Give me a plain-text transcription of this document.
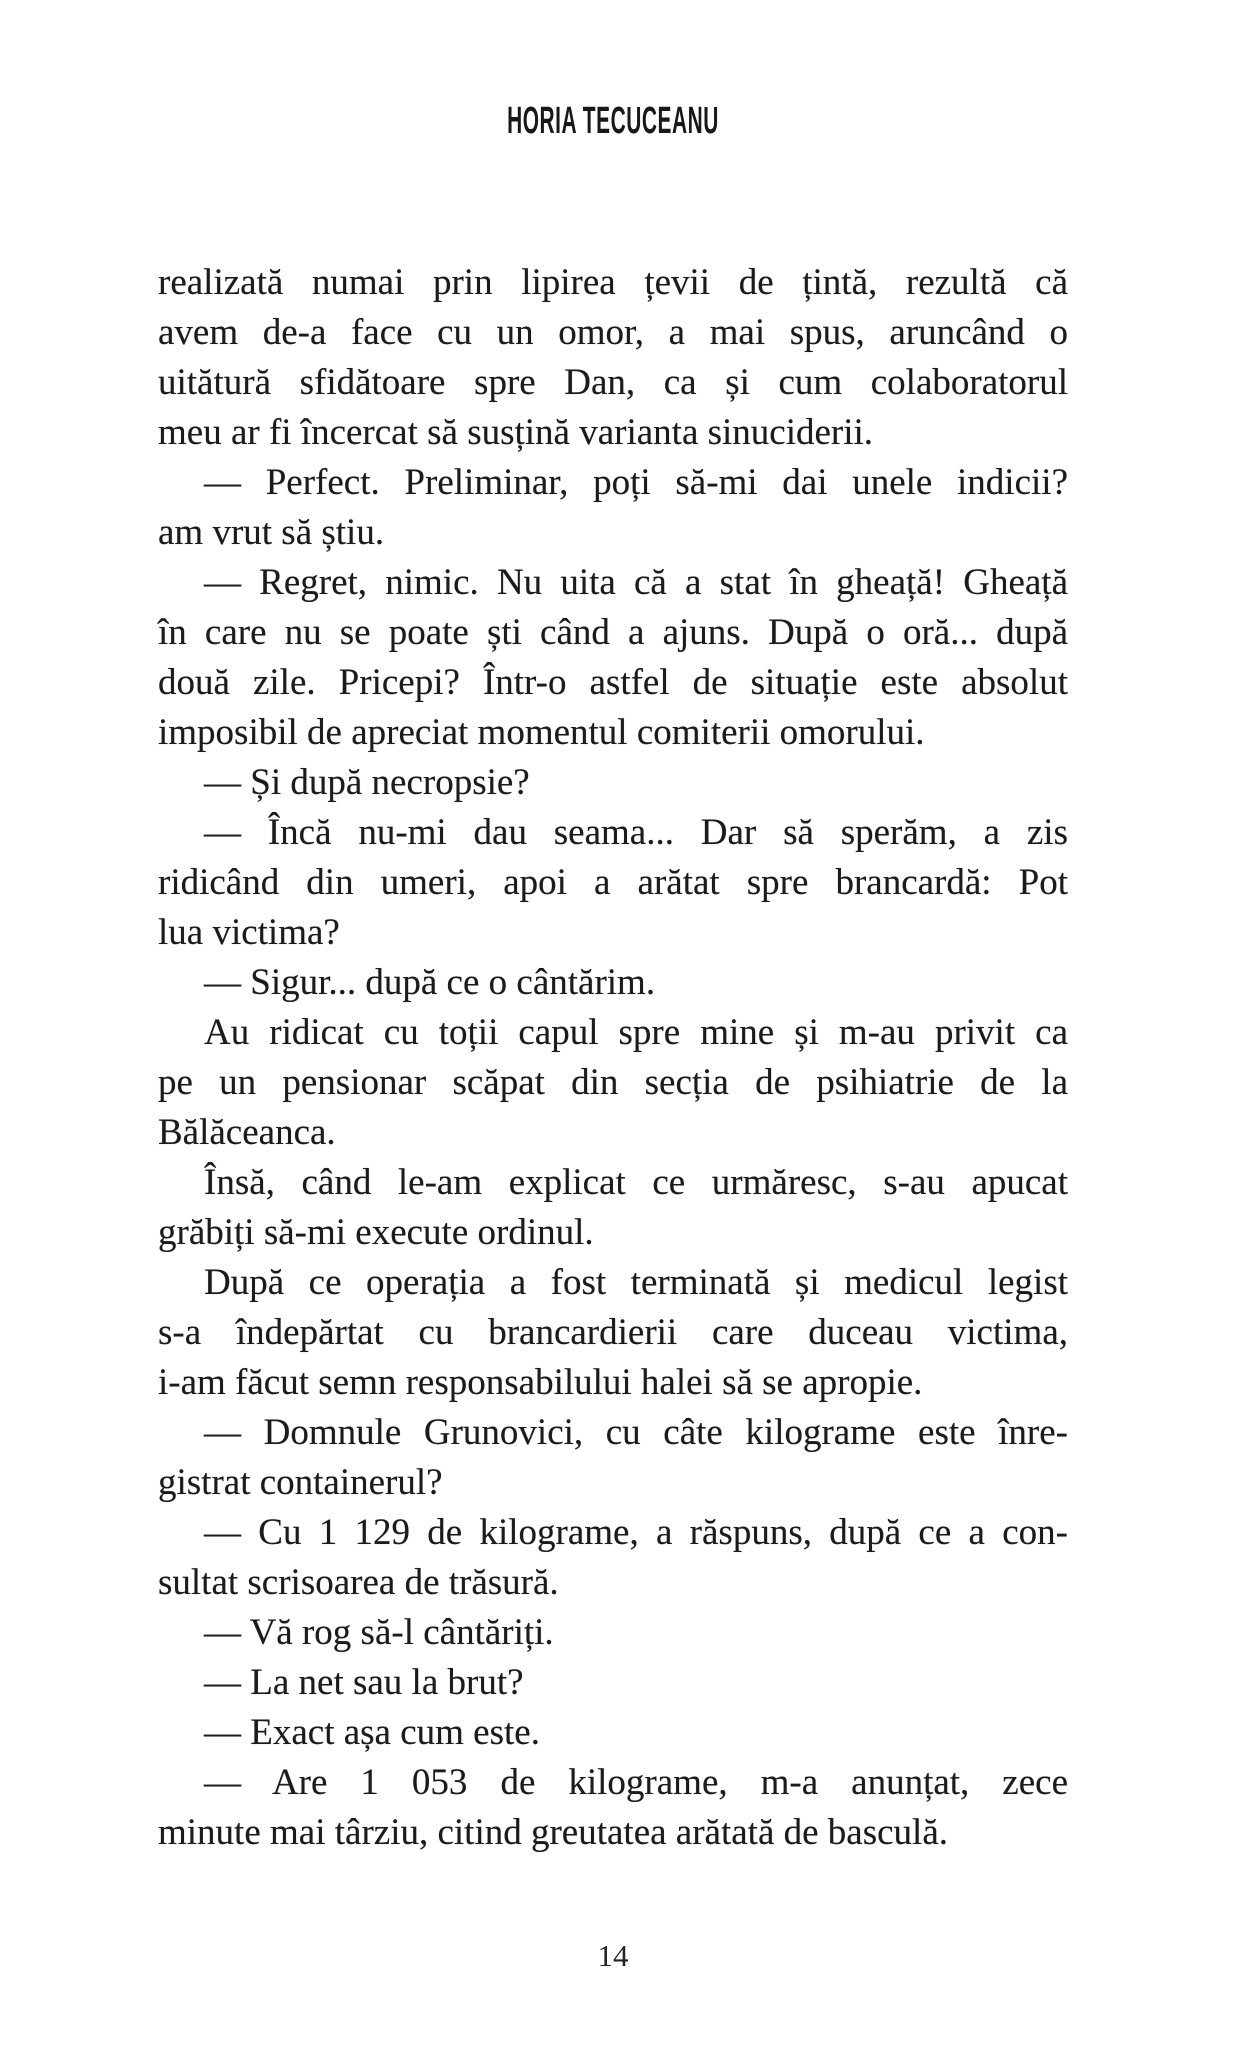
HORIA TECUCEANU
realizată numai prin lipirea țevii de țintă, rezultă că
avem de-a face cu un omor, a mai spus, aruncând o
uitătură sfidătoare spre Dan, ca și cum colaboratorul
meu ar fi încercat să susțină varianta sinuciderii.
— Perfect. Preliminar, poți să-mi dai unele indicii?
am vrut să știu.
— Regret, nimic. Nu uita că a stat în gheață! Gheață
în care nu se poate ști când a ajuns. După o oră... după
două zile. Pricepi? Într-o astfel de situație este absolut
imposibil de apreciat momentul comiterii omorului.
— Și după necropsie?
— Încă nu-mi dau seama... Dar să sperăm, a zis
ridicând din umeri, apoi a arătat spre brancardă: Pot
lua victima?
— Sigur... după ce o cântărim.
Au ridicat cu toții capul spre mine și m-au privit ca
pe un pensionar scăpat din secția de psihiatrie de la
Bălăceanca.
Însă, când le-am explicat ce urmăresc, s-au apucat
grăbiți să-mi execute ordinul.
După ce operația a fost terminată și medicul legist
s-a îndepărtat cu brancardierii care duceau victima,
i-am făcut semn responsabilului halei să se apropie.
— Domnule Grunovici, cu câte kilograme este înre-
gistrat containerul?
— Cu 1 129 de kilograme, a răspuns, după ce a con-
sultat scrisoarea de trăsură.
— Vă rog să-l cântăriți.
— La net sau la brut?
— Exact așa cum este.
— Are 1 053 de kilograme, m-a anunțat, zece
minute mai târziu, citind greutatea arătată de basculă.
14
